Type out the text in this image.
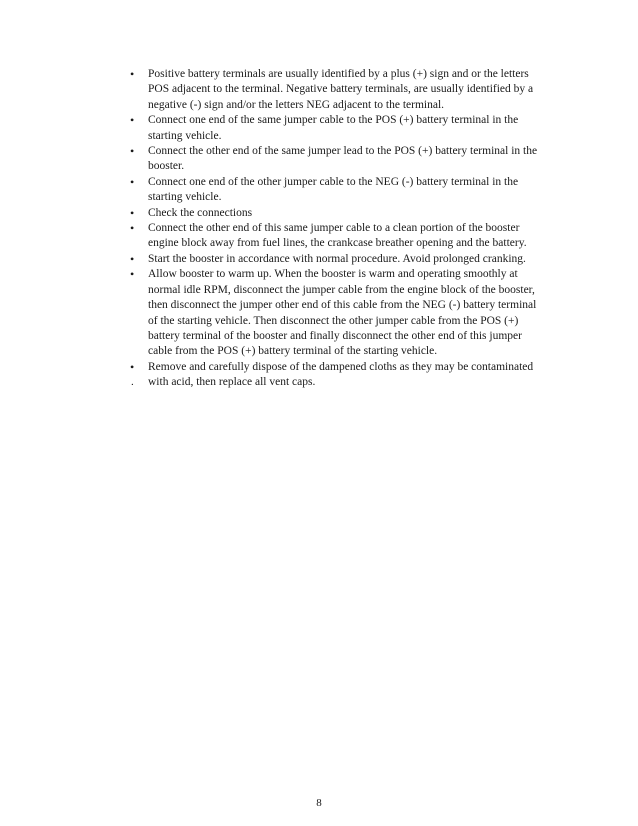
• Positive battery terminals are usually identified by a plus (+) sign and or the letters POS adjacent to the terminal. Negative battery terminals, are usually identified by a negative (-) sign and/or the letters NEG adjacent to the terminal.
• Connect one end of the same jumper cable to the POS (+) battery terminal in the starting vehicle.
• Connect the other end of the same jumper lead to the POS (+) battery terminal in the booster.
• Connect one end of the other jumper cable to the NEG (-) battery terminal in the starting vehicle.
• Check the connections
• Connect the other end of this same jumper cable to a clean portion of the booster engine block away from fuel lines, the crankcase breather opening and the battery.
• Start the booster in accordance with normal procedure. Avoid prolonged cranking.
• Allow booster to warm up. When the booster is warm and operating smoothly at normal idle RPM, disconnect the jumper cable from the engine block of the booster, then disconnect the jumper other end of this cable from the NEG (-) battery terminal of the starting vehicle. Then disconnect the other jumper cable from the POS (+) battery terminal of the booster and finally disconnect the other end of this jumper cable from the POS (+) battery terminal of the starting vehicle.
• Remove and carefully dispose of the dampened cloths as they may be contaminated with acid, then replace all vent caps.
.
8
